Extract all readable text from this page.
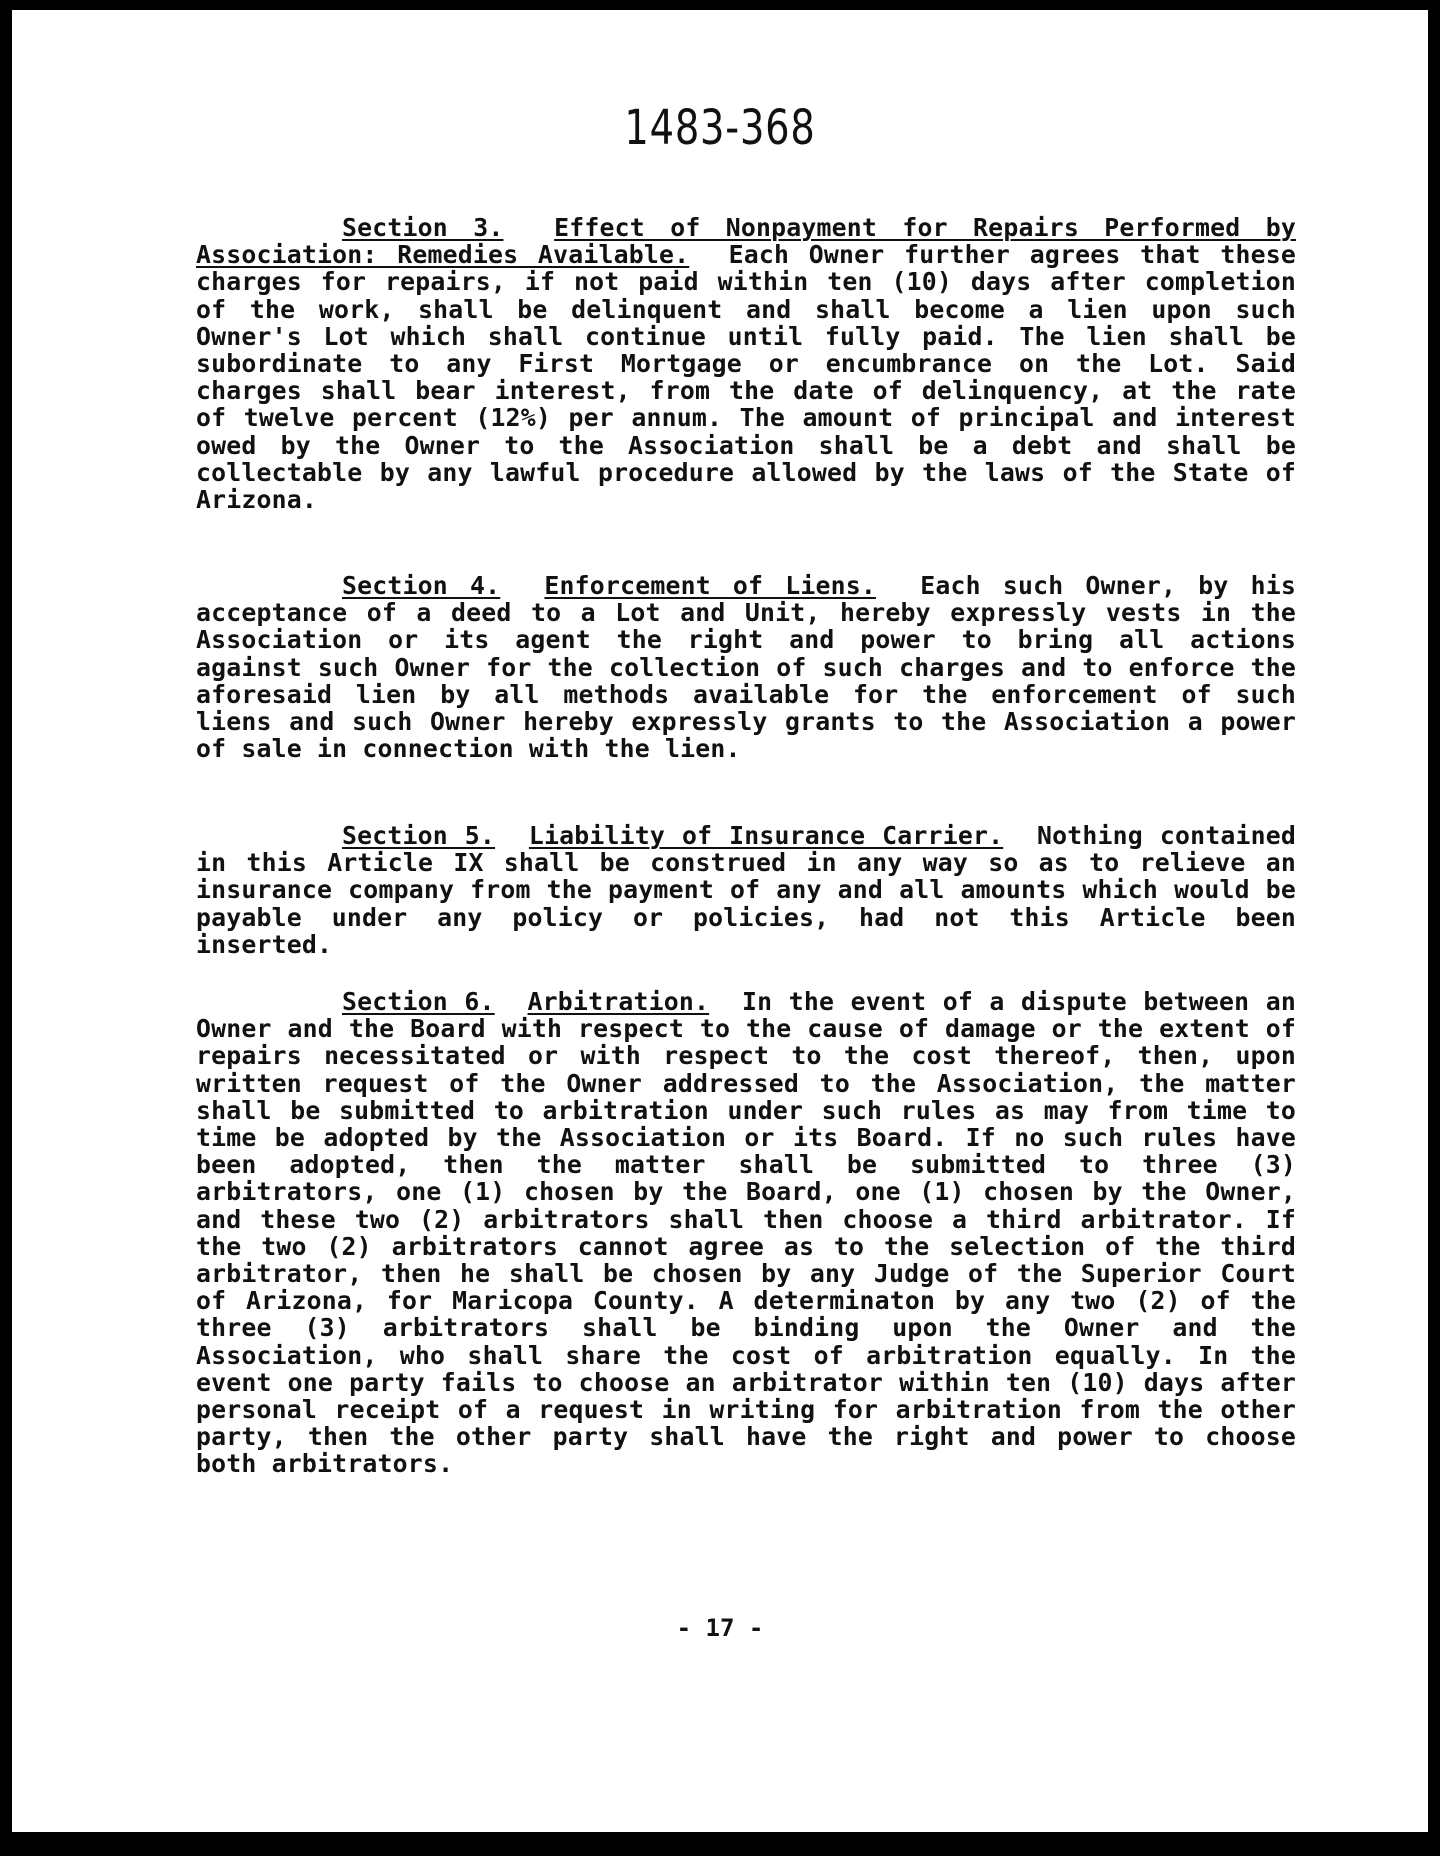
1483-368

Section 3. Effect of Nonpayment for Repairs Performed by Association: Remedies Available. Each Owner further agrees that these charges for repairs, if not paid within ten (10) days after completion of the work, shall be delinquent and shall become a lien upon such Owner's Lot which shall continue until fully paid. The lien shall be subordinate to any First Mortgage or encumbrance on the Lot. Said charges shall bear interest, from the date of delinquency, at the rate of twelve percent (12%) per annum. The amount of principal and interest owed by the Owner to the Association shall be a debt and shall be collectable by any lawful procedure allowed by the laws of the State of Arizona.

Section 4. Enforcement of Liens. Each such Owner, by his acceptance of a deed to a Lot and Unit, hereby expressly vests in the Association or its agent the right and power to bring all actions against such Owner for the collection of such charges and to enforce the aforesaid lien by all methods available for the enforcement of such liens and such Owner hereby expressly grants to the Association a power of sale in connection with the lien.

Section 5. Liability of Insurance Carrier. Nothing contained in this Article IX shall be construed in any way so as to relieve an insurance company from the payment of any and all amounts which would be payable under any policy or policies, had not this Article been inserted.

Section 6. Arbitration. In the event of a dispute between an Owner and the Board with respect to the cause of damage or the extent of repairs necessitated or with respect to the cost thereof, then, upon written request of the Owner addressed to the Association, the matter shall be submitted to arbitration under such rules as may from time to time be adopted by the Association or its Board. If no such rules have been adopted, then the matter shall be submitted to three (3) arbitrators, one (1) chosen by the Board, one (1) chosen by the Owner, and these two (2) arbitrators shall then choose a third arbitrator. If the two (2) arbitrators cannot agree as to the selection of the third arbitrator, then he shall be chosen by any Judge of the Superior Court of Arizona, for Maricopa County. A determinaton by any two (2) of the three (3) arbitrators shall be binding upon the Owner and the Association, who shall share the cost of arbitration equally. In the event one party fails to choose an arbitrator within ten (10) days after personal receipt of a request in writing for arbitration from the other party, then the other party shall have the right and power to choose both arbitrators.

- 17 -
